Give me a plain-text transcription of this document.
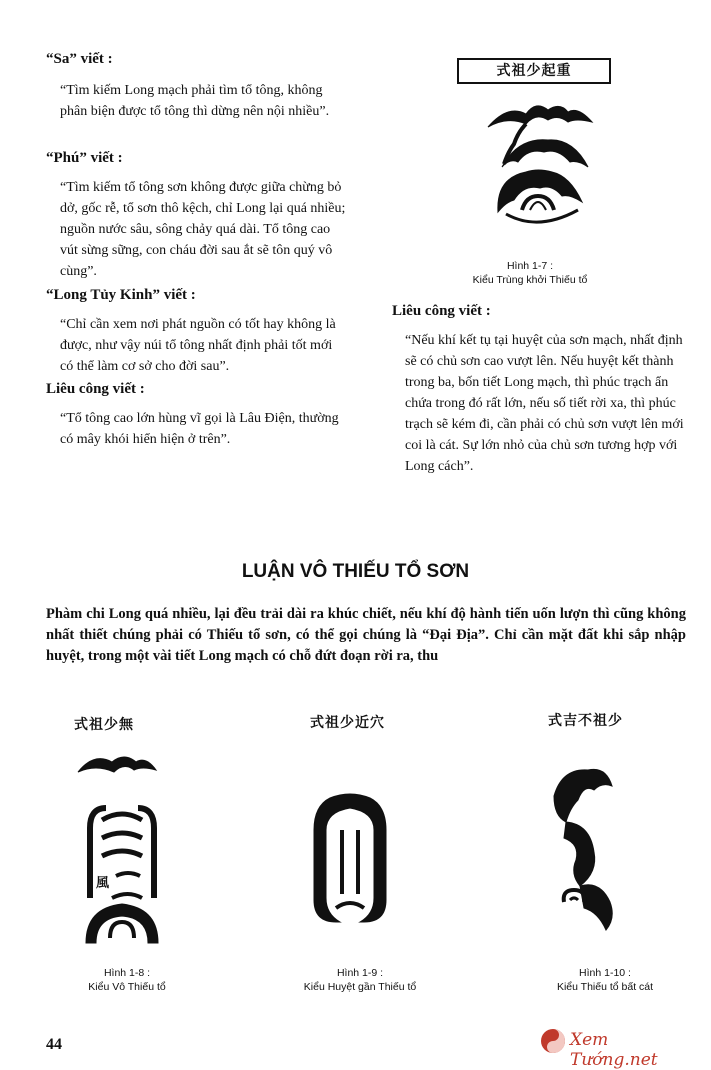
“Sa” viết :
“Tìm kiếm Long mạch phải tìm tổ tông, không phân biện được tổ tông thì dừng nên nội nhiều”.
“Phú” viết :
“Tìm kiếm tổ tông sơn không được giữa chừng bỏ dở, gốc rễ, tổ sơn thô kệch, chỉ Long lại quá nhiều; nguồn nước sâu, sông chảy quá dài. Tổ tông cao vút sừng sững, con cháu đời sau ắt sẽ tôn quý vô cùng”.
“Long Tủy Kinh” viết :
“Chỉ cần xem nơi phát nguồn có tốt hay không là được, như vậy núi tổ tông nhất định phải tốt mới có thể làm cơ sở cho đời sau”.
Liêu công viết :
“Tổ tông cao lớn hùng vĩ gọi là Lâu Điện, thường có mây khói hiển hiện ở trên”.
式祖少起重
Hình 1-7 :
Kiểu Trùng khởi Thiếu tổ
Liêu công viết :
“Nếu khí kết tụ tại huyệt của sơn mạch, nhất định sẽ có chủ sơn cao vượt lên. Nếu huyệt kết thành trong ba, bốn tiết Long mạch, thì phúc trạch ẩn chứa trong đó rất lớn, nếu số tiết rời xa, thì phúc trạch sẽ kém đi, cần phải có chủ sơn vượt lên mới coi là cát. Sự lớn nhỏ của chủ sơn tương hợp với Long cách”.
LUẬN VÔ THIẾU TỔ SƠN
Phàm chi Long quá nhiều, lại đều trải dài ra khúc chiết, nếu khí độ hành tiến uốn lượn thì cũng không nhất thiết chúng phải có Thiếu tổ sơn, có thể gọi chúng là “Đại Địa”. Chỉ cần mặt đất khi sắp nhập huyệt, trong một vài tiết Long mạch có chỗ đứt đoạn rời ra, thu
式祖少無
風
Hình 1-8 :
Kiểu Vô Thiếu tổ
式祖少近穴
Hình 1-9 :
Kiểu Huyệt gần Thiếu tổ
式吉不祖少
Hình 1-10 :
Kiểu Thiếu tổ bất cát
44	Xem Tướng.net
